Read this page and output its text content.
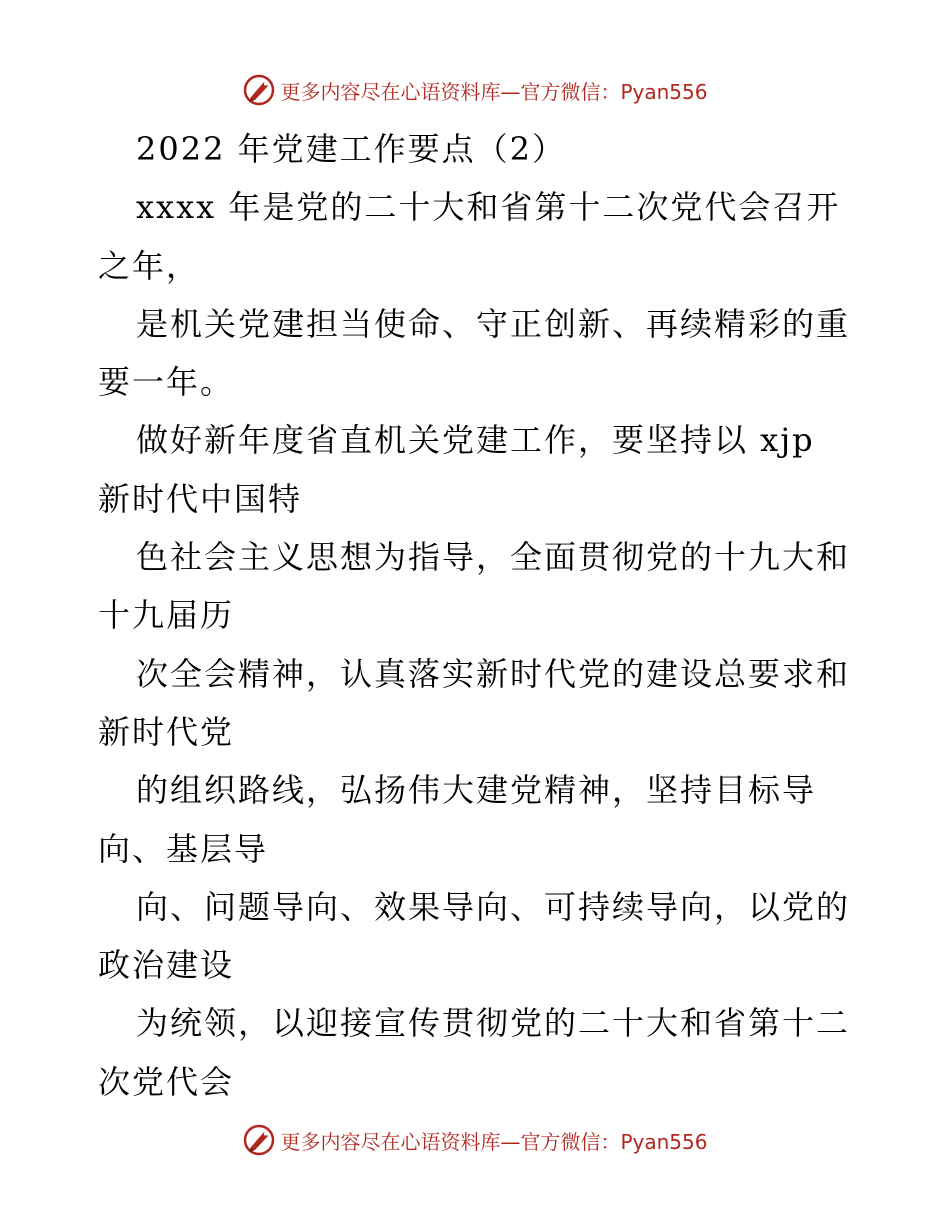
更多内容尽在心语资料库—官方微信：Pyan556
2022 年党建工作要点（2）
xxxx 年是党的二十大和省第十二次党代会召开
之年，
是机关党建担当使命、守正创新、再续精彩的重
要一年。
做好新年度省直机关党建工作，要坚持以 xjp
新时代中国特
色社会主义思想为指导，全面贯彻党的十九大和
十九届历
次全会精神，认真落实新时代党的建设总要求和
新时代党
的组织路线，弘扬伟大建党精神，坚持目标导
向、基层导
向、问题导向、效果导向、可持续导向，以党的
政治建设
为统领，以迎接宣传贯彻党的二十大和省第十二
次党代会
更多内容尽在心语资料库—官方微信：Pyan556
